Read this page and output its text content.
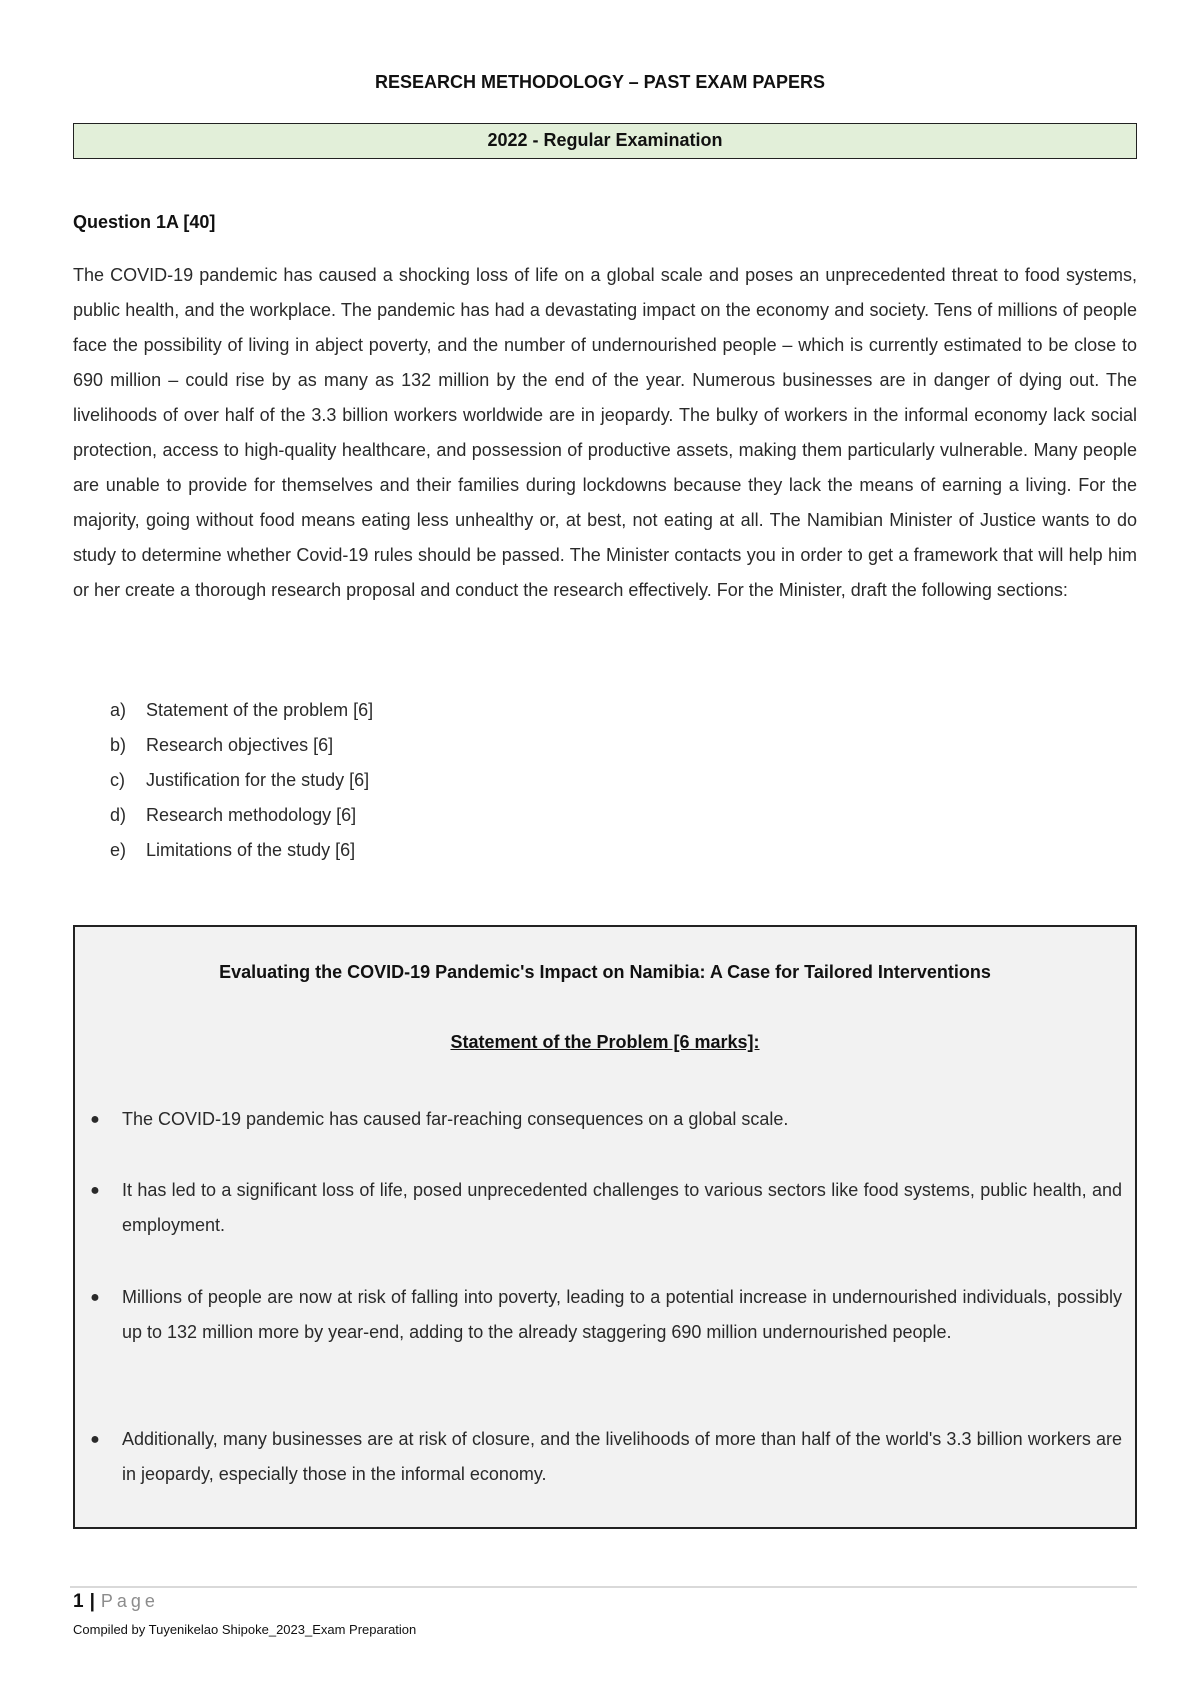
RESEARCH METHODOLOGY – PAST EXAM PAPERS
2022 - Regular Examination
Question 1A [40]

The COVID-19 pandemic has caused a shocking loss of life on a global scale and poses an unprecedented threat to food systems, public health, and the workplace. The pandemic has had a devastating impact on the economy and society. Tens of millions of people face the possibility of living in abject poverty, and the number of undernourished people – which is currently estimated to be close to 690 million – could rise by as many as 132 million by the end of the year. Numerous businesses are in danger of dying out. The livelihoods of over half of the 3.3 billion workers worldwide are in jeopardy. The bulky of workers in the informal economy lack social protection, access to high-quality healthcare, and possession of productive assets, making them particularly vulnerable. Many people are unable to provide for themselves and their families during lockdowns because they lack the means of earning a living. For the majority, going without food means eating less unhealthy or, at best, not eating at all. The Namibian Minister of Justice wants to do study to determine whether Covid-19 rules should be passed. The Minister contacts you in order to get a framework that will help him or her create a thorough research proposal and conduct the research effectively. For the Minister, draft the following sections:

a)	Statement of the problem [6]
b)	Research objectives [6]
c)	Justification for the study [6]
d)	Research methodology [6]
e)	Limitations of the study [6]
Evaluating the COVID-19 Pandemic's Impact on Namibia: A Case for Tailored Interventions
Statement of the Problem [6 marks]:
● The COVID-19 pandemic has caused far-reaching consequences on a global scale.
● It has led to a significant loss of life, posed unprecedented challenges to various sectors like food systems, public health, and employment.
● Millions of people are now at risk of falling into poverty, leading to a potential increase in undernourished individuals, possibly up to 132 million more by year-end, adding to the already staggering 690 million undernourished people.
● Additionally, many businesses are at risk of closure, and the livelihoods of more than half of the world's 3.3 billion workers are in jeopardy, especially those in the informal economy.
1 | Page
Compiled by Tuyenikelao Shipoke_2023_Exam Preparation
